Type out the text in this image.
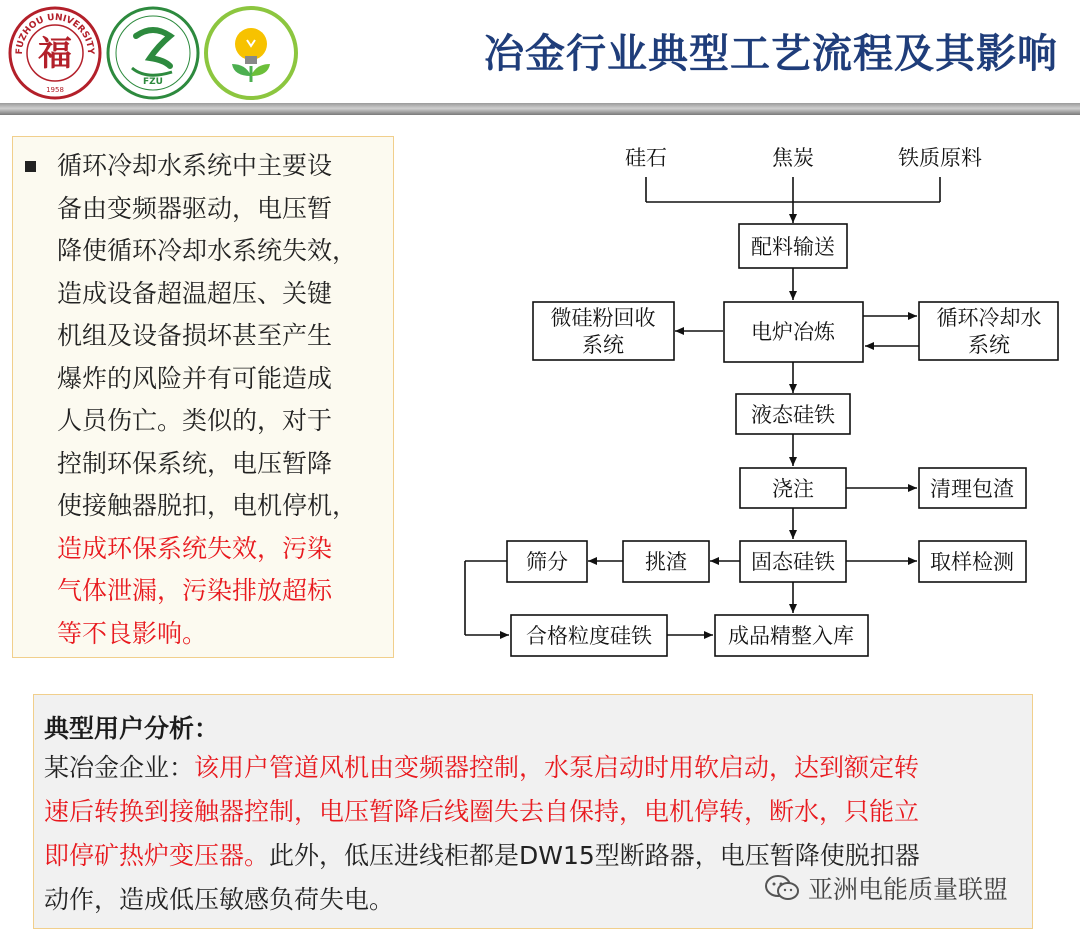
FUZHOU UNIVERSITY
福
1958
FZU
冶金行业典型工艺流程及其影响
循环冷却水系统中主要设
备由变频器驱动，电压暂
降使循环冷却水系统失效，
造成设备超温超压、关键
机组及设备损坏甚至产生
爆炸的风险并有可能造成
人员伤亡。类似的，对于
控制环保系统，电压暂降
使接触器脱扣，电机停机，
造成环保系统失效，污染
气体泄漏，污染排放超标
等不良影响。
硅石	焦炭	铁质原料
配料输送
电炉冶炼
微硅粉回收
系统
循环冷却水
系统
液态硅铁
浇注	清理包渣
固态硅铁
挑渣
筛分	取样检测
合格粒度硅铁	成品精整入库
典型用户分析：
某冶金企业：该用户管道风机由变频器控制，水泵启动时用软启动，达到额定转
速后转换到接触器控制，电压暂降后线圈失去自保持，电机停转，断水，只能立
即停矿热炉变压器。此外，低压进线柜都是DW15型断路器，电压暂降使脱扣器
动作，造成低压敏感负荷失电。	亚洲电能质量联盟
